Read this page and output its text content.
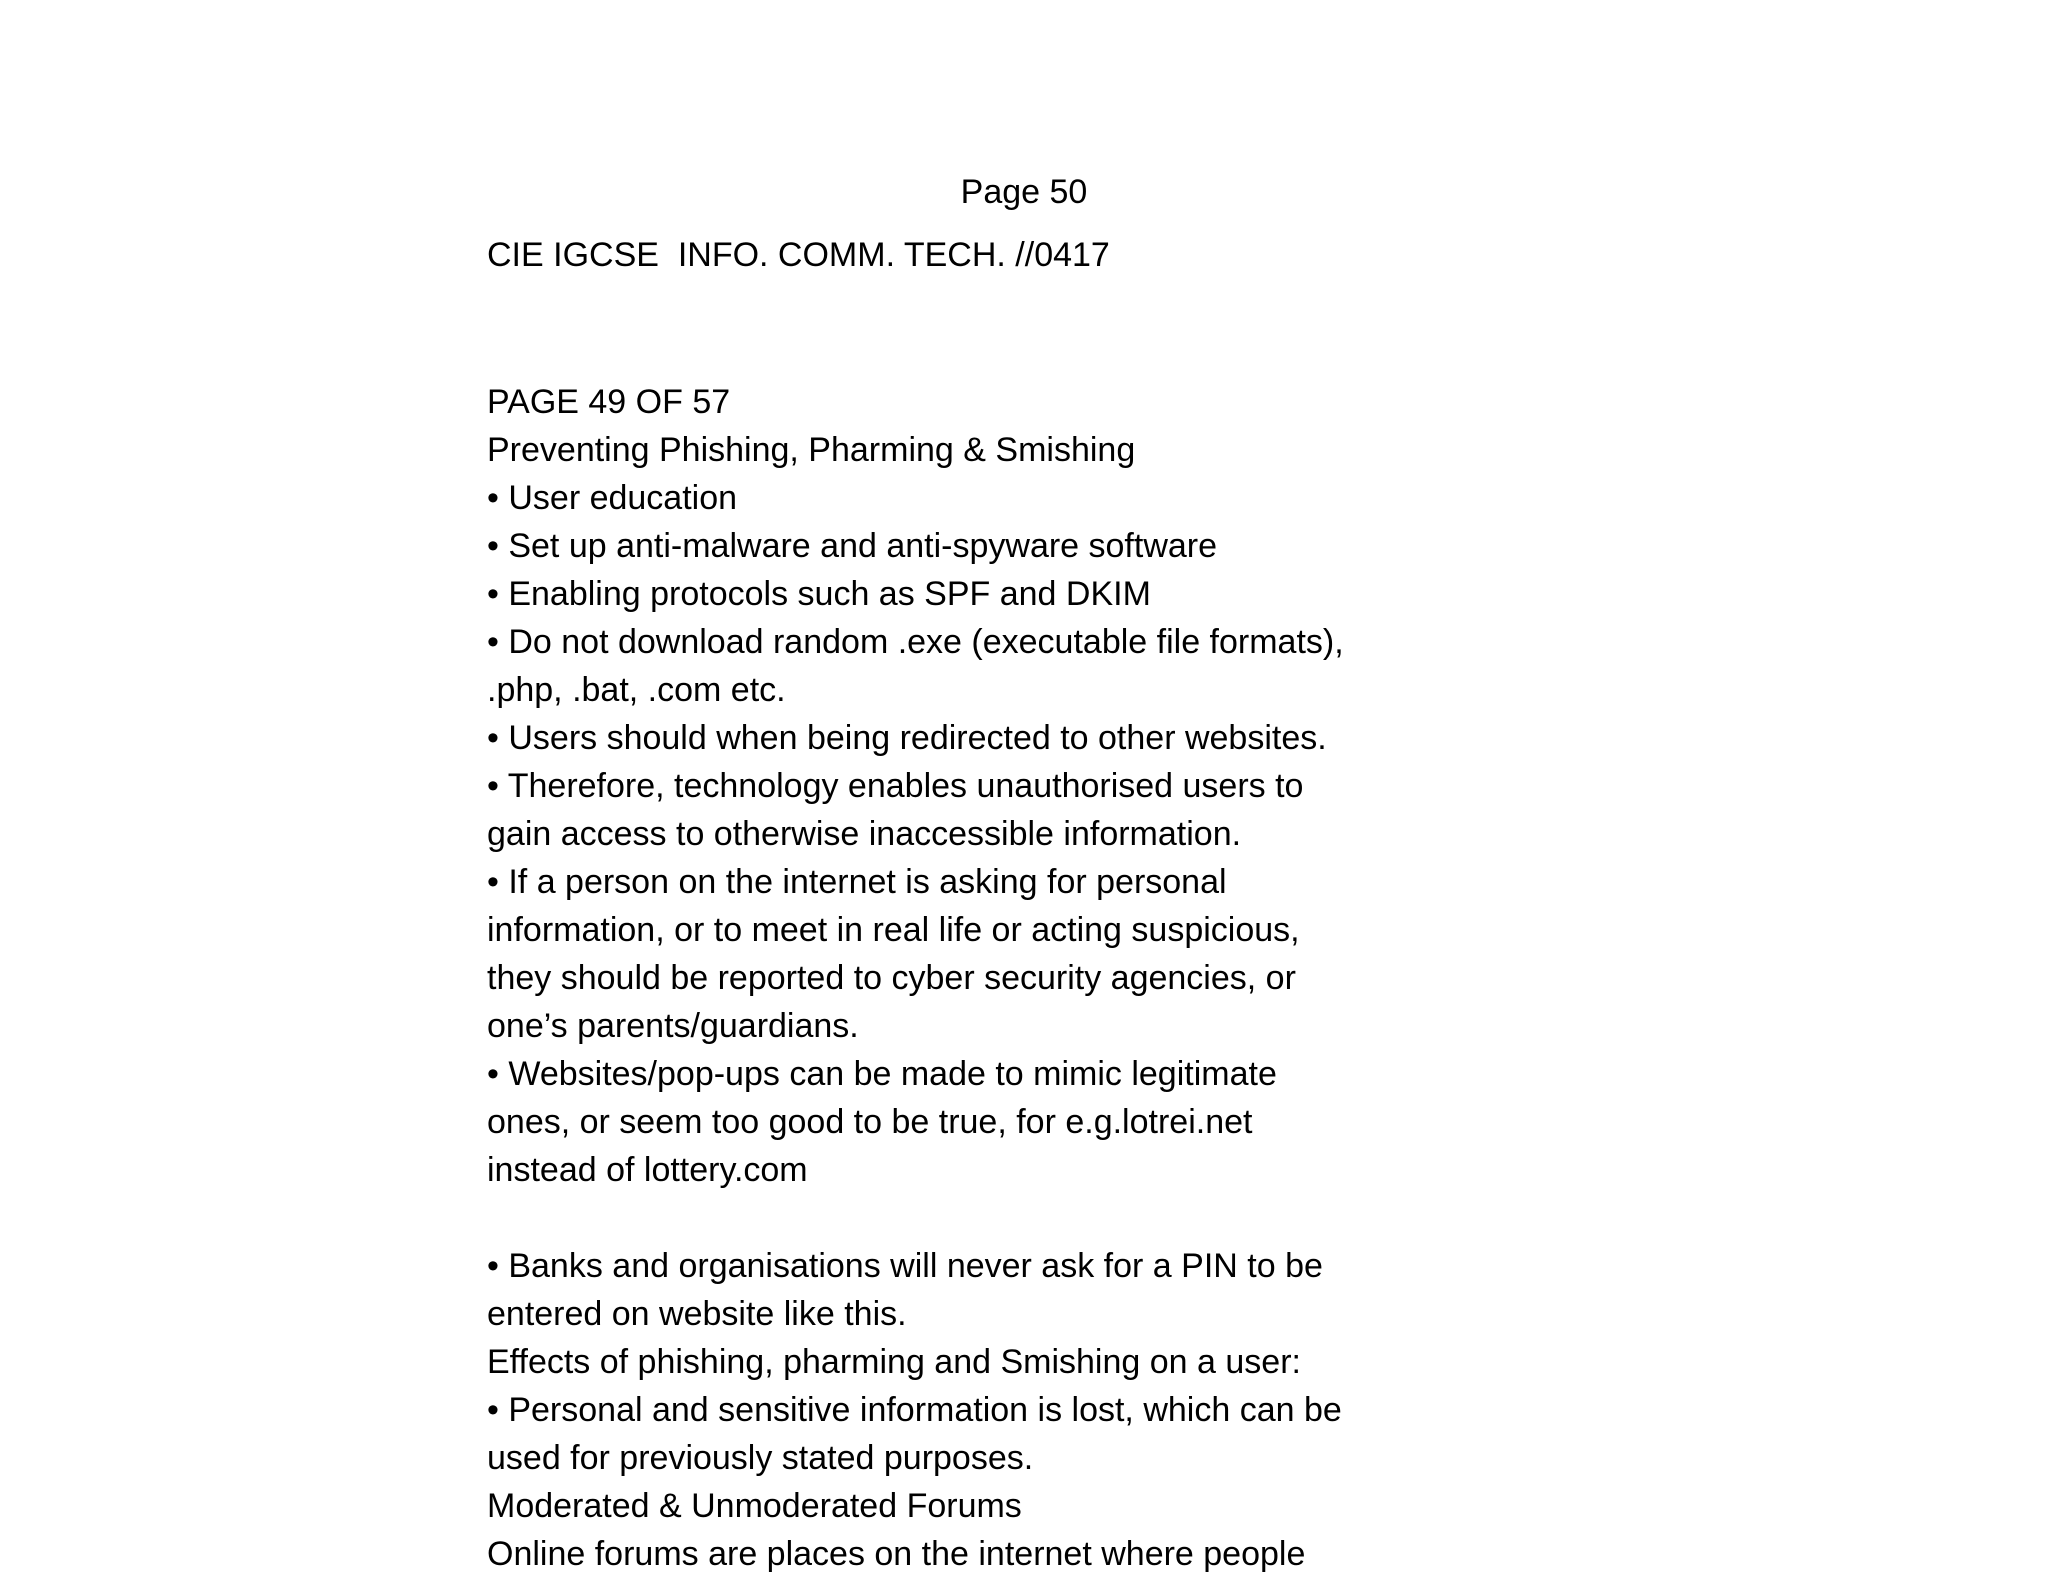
Page 50
CIE IGCSE  INFO. COMM. TECH. //0417
PAGE 49 OF 57
Preventing Phishing, Pharming & Smishing
• User education
• Set up anti-malware and anti-spyware software
• Enabling protocols such as SPF and DKIM
• Do not download random .exe (executable file formats),
.php, .bat, .com etc.
• Users should when being redirected to other websites.
• Therefore, technology enables unauthorised users to
gain access to otherwise inaccessible information.
• If a person on the internet is asking for personal
information, or to meet in real life or acting suspicious,
they should be reported to cyber security agencies, or
one’s parents/guardians.
• Websites/pop-ups can be made to mimic legitimate
ones, or seem too good to be true, for e.g.lotrei.net
instead of lottery.com
• Banks and organisations will never ask for a PIN to be
entered on website like this.
Effects of phishing, pharming and Smishing on a user:
• Personal and sensitive information is lost, which can be
used for previously stated purposes.
Moderated & Unmoderated Forums
Online forums are places on the internet where people
